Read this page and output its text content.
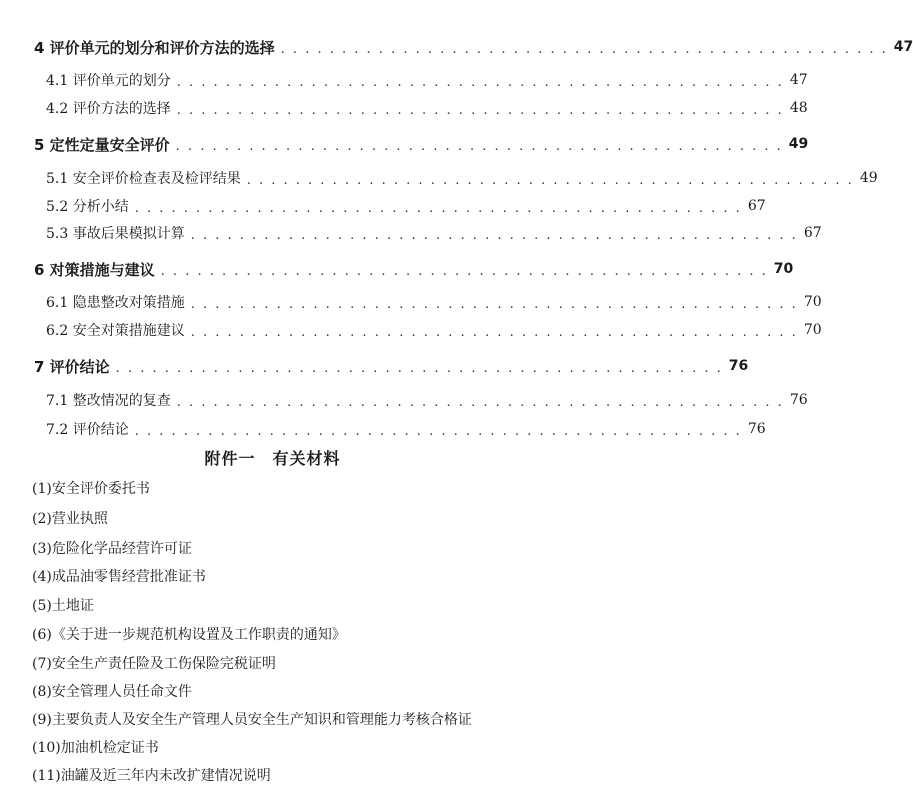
4 评价单元的划分和评价方法的选择 . . . . . . . . . . . . . . . . . . . . . . . . . . . . . . . . . . . . . . . . . . . . . . . . . . 47
4.1 评价单元的划分 . . . . . . . . . . . . . . . . . . . . . . . . . . . . . . . . . . . . . . . . . . . . . . . . . . 47
4.2 评价方法的选择 . . . . . . . . . . . . . . . . . . . . . . . . . . . . . . . . . . . . . . . . . . . . . . . . . . 48
5 定性定量安全评价 . . . . . . . . . . . . . . . . . . . . . . . . . . . . . . . . . . . . . . . . . . . . . . . . . . 49
5.1 安全评价检查表及检评结果 . . . . . . . . . . . . . . . . . . . . . . . . . . . . . . . . . . . . . . . . . . . . . . . . . . 49
5.2 分析小结 . . . . . . . . . . . . . . . . . . . . . . . . . . . . . . . . . . . . . . . . . . . . . . . . . . 67
5.3 事故后果模拟计算 . . . . . . . . . . . . . . . . . . . . . . . . . . . . . . . . . . . . . . . . . . . . . . . . . . 67
6 对策措施与建议 . . . . . . . . . . . . . . . . . . . . . . . . . . . . . . . . . . . . . . . . . . . . . . . . . . 70
6.1 隐患整改对策措施 . . . . . . . . . . . . . . . . . . . . . . . . . . . . . . . . . . . . . . . . . . . . . . . . . . 70
6.2 安全对策措施建议 . . . . . . . . . . . . . . . . . . . . . . . . . . . . . . . . . . . . . . . . . . . . . . . . . . 70
7 评价结论 . . . . . . . . . . . . . . . . . . . . . . . . . . . . . . . . . . . . . . . . . . . . . . . . . . 76
7.1 整改情况的复查 . . . . . . . . . . . . . . . . . . . . . . . . . . . . . . . . . . . . . . . . . . . . . . . . . . 76
7.2 评价结论 . . . . . . . . . . . . . . . . . . . . . . . . . . . . . . . . . . . . . . . . . . . . . . . . . . 76
附件一　有关材料
(1)安全评价委托书
(2)营业执照
(3)危险化学品经营许可证
(4)成品油零售经营批准证书
(5)土地证
(6)《关于进一步规范机构设置及工作职责的通知》
(7)安全生产责任险及工伤保险完税证明
(8)安全管理人员任命文件
(9)主要负责人及安全生产管理人员安全生产知识和管理能力考核合格证
(10)加油机检定证书
(11)油罐及近三年内未改扩建情况说明
